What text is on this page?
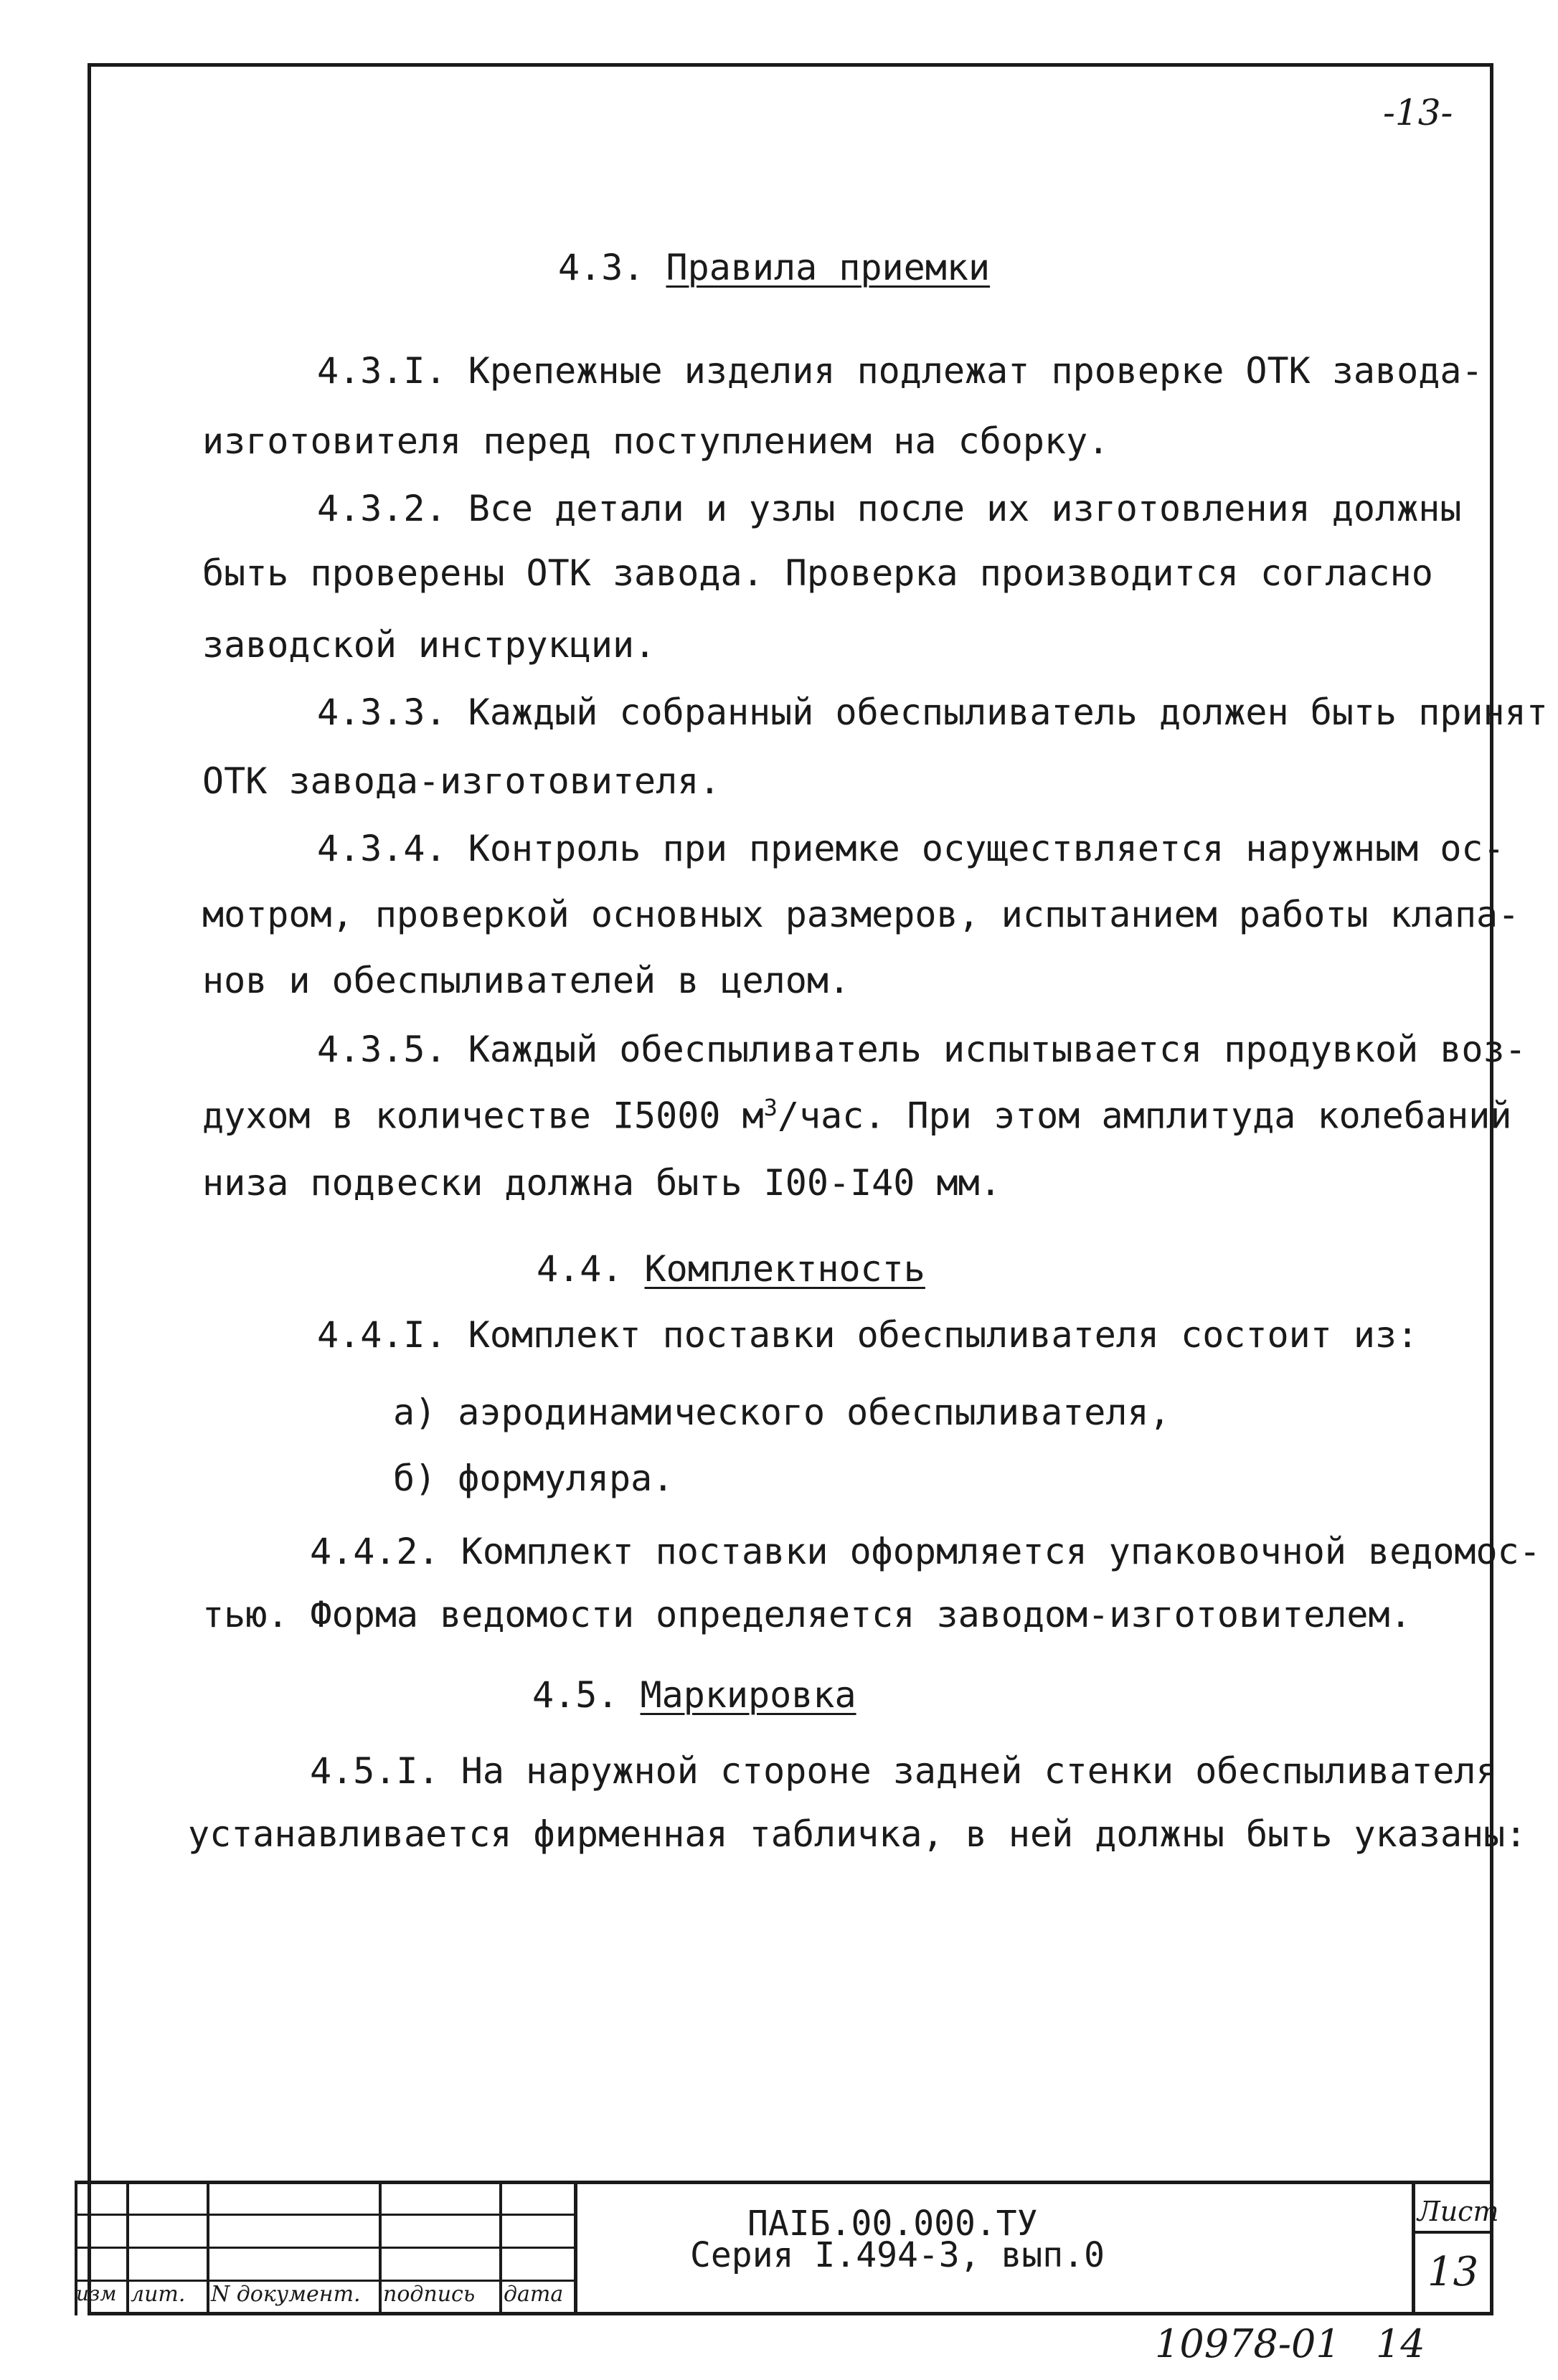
-13-
4.3. Правила приемки
4.3.I. Крепежные изделия подлежат проверке ОТК завода-
изготовителя перед поступлением на сборку.
4.3.2. Все детали и узлы после их изготовления должны
быть проверены ОТК завода. Проверка производится согласно
заводской инструкции.
4.3.3. Каждый собранный обеспыливатель должен быть принят
ОТК завода-изготовителя.
4.3.4. Контроль при приемке осуществляется наружным ос-
мотром, проверкой основных размеров, испытанием работы клапа-
нов и обеспыливателей в целом.
4.3.5. Каждый обеспыливатель испытывается продувкой воз-
духом в количестве I5000 $м^3$/час. При этом амплитуда колебаний
низа подвески должна быть I00-I40 мм.
4.4. Комплектность
4.4.I. Комплект поставки обеспыливателя состоит из:
а) аэродинамического обеспыливателя,
б) формуляра.
4.4.2. Комплект поставки оформляется упаковочной ведомос-
тью. Форма ведомости определяется заводом-изготовителем.
4.5. Маркировка
4.5.I. На наружной стороне задней стенки обеспыливателя
устанавливается фирменная табличка, в ней должны быть указаны:
изм лит. N документ. подпись дата
ПАIБ.00.000.ТУ
Серия I.494-3, вып.0
Лист
13
10978-01 14
